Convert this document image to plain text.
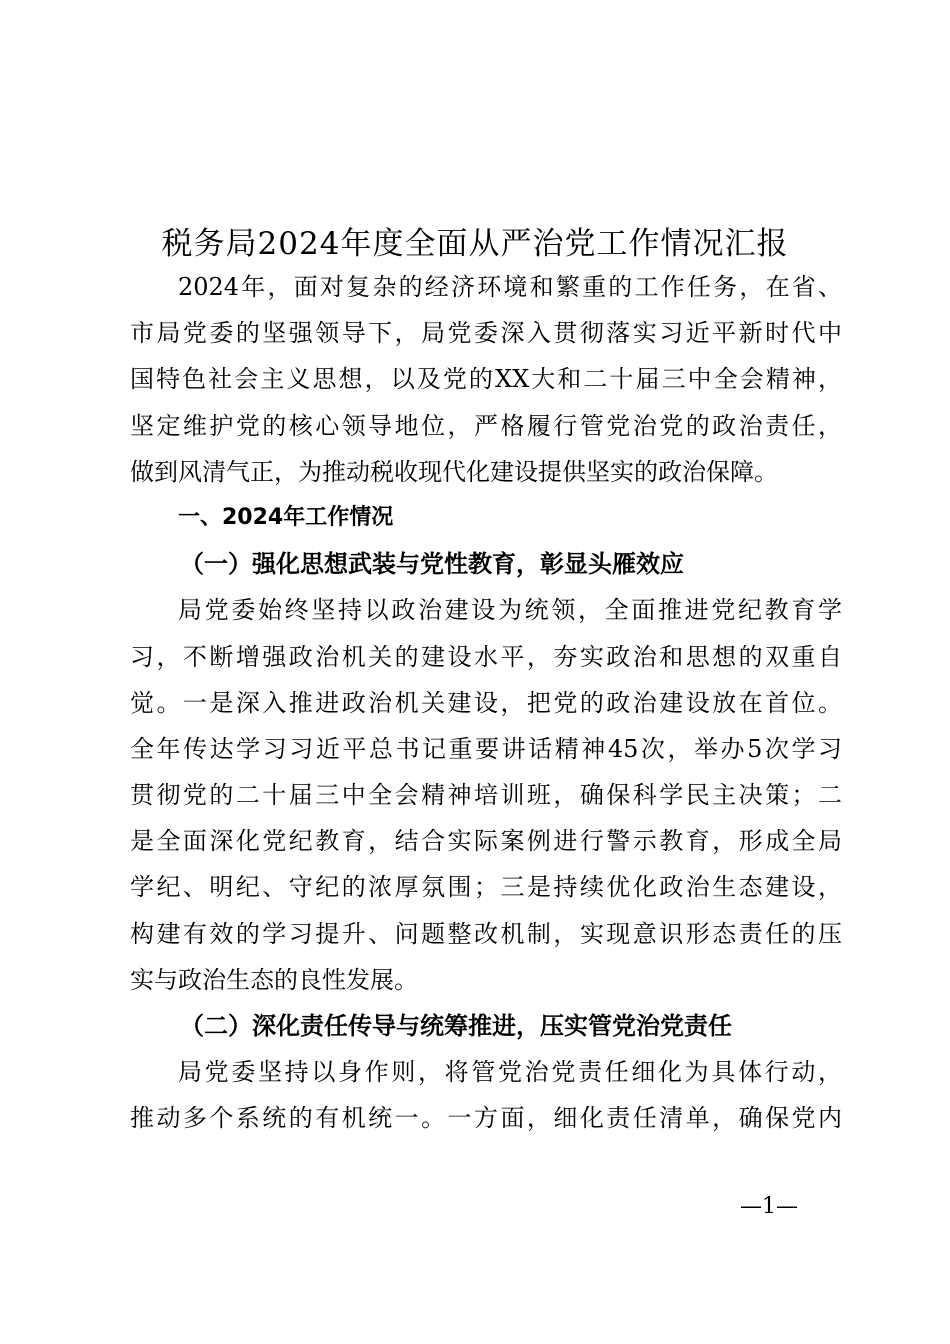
税务局2024年度全面从严治党工作情况汇报
2024年，面对复杂的经济环境和繁重的工作任务，在省、
市局党委的坚强领导下，局党委深入贯彻落实习近平新时代中
国特色社会主义思想，以及党的XX大和二十届三中全会精神，
坚定维护党的核心领导地位，严格履行管党治党的政治责任，
做到风清气正，为推动税收现代化建设提供坚实的政治保障。
一、2024年工作情况
（一）强化思想武装与党性教育，彰显头雁效应
局党委始终坚持以政治建设为统领，全面推进党纪教育学
习，不断增强政治机关的建设水平，夯实政治和思想的双重自
觉。一是深入推进政治机关建设，把党的政治建设放在首位。
全年传达学习习近平总书记重要讲话精神45次，举办5次学习
贯彻党的二十届三中全会精神培训班，确保科学民主决策；二
是全面深化党纪教育，结合实际案例进行警示教育，形成全局
学纪、明纪、守纪的浓厚氛围；三是持续优化政治生态建设，
构建有效的学习提升、问题整改机制，实现意识形态责任的压
实与政治生态的良性发展。
（二）深化责任传导与统筹推进，压实管党治党责任
局党委坚持以身作则，将管党治党责任细化为具体行动，
推动多个系统的有机统一。一方面，细化责任清单，确保党内
—1—
